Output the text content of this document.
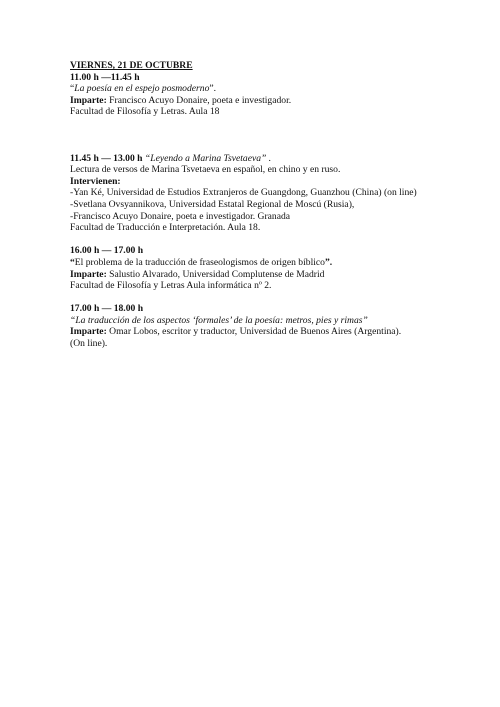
VIERNES, 21 DE OCTUBRE

11.00 h —11.45 h

“La poesía en el espejo posmoderno”.

Imparte: Francisco Acuyo Donaire, poeta e investigador.

Facultad de Filosofía y Letras. Aula 18

11.45 h — 13.00 h “Leyendo a Marina Tsvetaeva” .

Lectura de versos de Marina Tsvetaeva en español, en chino y en ruso.

Intervienen:

-Yan Ké, Universidad de Estudios Extranjeros de Guangdong, Guanzhou (China) (on line)

-Svetlana Ovsyannikova, Universidad Estatal Regional de Moscú (Rusia),

-Francisco Acuyo Donaire, poeta e investigador. Granada

Facultad de Traducción e Interpretación. Aula 18.

16.00 h — 17.00 h

“El problema de la traducción de fraseologismos de origen bíblico”.

Imparte: Salustio Alvarado, Universidad Complutense de Madrid

Facultad de Filosofía y Letras Aula informática nº 2.

17.00 h — 18.00 h

“La traducción de los aspectos ‘formales’ de la poesía: metros, pies y rimas”

Imparte: Omar Lobos, escritor y traductor, Universidad de Buenos Aires (Argentina).

(On line).
